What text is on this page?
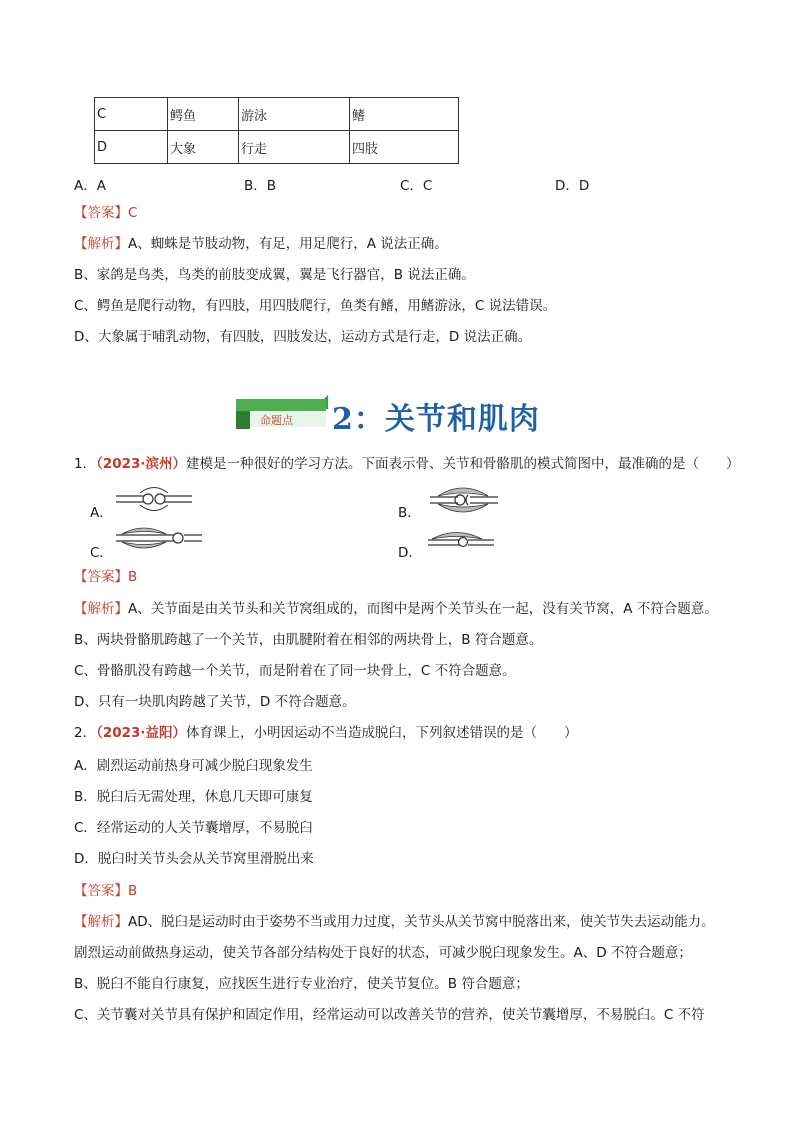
C	鳄鱼	游泳	鳍
D	大象	行走	四肢
A．A	B．B	C．C	D．D
【答案】C
【解析】A、蜘蛛是节肢动物，有足，用足爬行，A 说法正确。
B、家鸽是鸟类，鸟类的前肢变成翼，翼是飞行器官，B 说法正确。
C、鳄鱼是爬行动物，有四肢，用四肢爬行，鱼类有鳍，用鳍游泳，C 说法错误。
D、大象属于哺乳动物，有四肢，四肢发达，运动方式是行走，D 说法正确。
命题点 2：关节和肌肉
1．（2023·滨州）建模是一种很好的学习方法。下面表示骨、关节和骨骼肌的模式简图中，最准确的是（　　）
A．	B．
C．	D．
【答案】B
【解析】A、关节面是由关节头和关节窝组成的，而图中是两个关节头在一起，没有关节窝，A 不符合题意。
B、两块骨骼肌跨越了一个关节，由肌腱附着在相邻的两块骨上，B 符合题意。
C、骨骼肌没有跨越一个关节，而是附着在了同一块骨上，C 不符合题意。
D、只有一块肌肉跨越了关节，D 不符合题意。
2．（2023·益阳）体育课上，小明因运动不当造成脱臼，下列叙述错误的是（　　）
A．剧烈运动前热身可减少脱臼现象发生
B．脱臼后无需处理，休息几天即可康复
C．经常运动的人关节囊增厚，不易脱臼
D．脱臼时关节头会从关节窝里滑脱出来
【答案】B
【解析】AD、脱臼是运动时由于姿势不当或用力过度，关节头从关节窝中脱落出来，使关节失去运动能力。
剧烈运动前做热身运动，使关节各部分结构处于良好的状态，可减少脱臼现象发生。A、D 不符合题意；
B、脱臼不能自行康复，应找医生进行专业治疗，使关节复位。B 符合题意；
C、关节囊对关节具有保护和固定作用，经常运动可以改善关节的营养，使关节囊增厚，不易脱臼。C 不符
